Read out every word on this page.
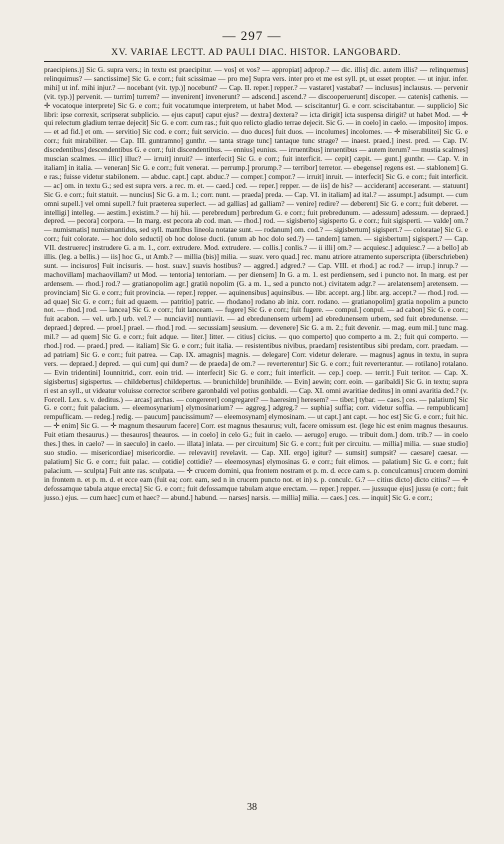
— 297 —
XV. VARIAE LECTT. AD PAULI DIAC. HISTOR. LANGOBARD.

praecipiens.)] Sic G. supra vers.; in textu est praecipitur. — vos] et vos? — appropiat] adprop.? — dic. illis] dic. autem illis? — relinquemus] relinquimus? — sanctissime] Sic G. e corr.; fuit scissimae — pro me] Supra vers. inter pro et me est syll. pt, ut esset propter. — ut injur. infer. mihi] ut inf. mihi injur.? — nocebant (vit. typ.)] nocebunt? — Cap. II. reper.] repper.? — vastaret] vastabat? — inclusus] inclausus. — pervenir (vit. typ.)] pervenit. — turrim] turrem? — invenirent] invenerunt? — adscend.] ascend.? — discooperuerunt] discoper. — catenis] cathenis. — ✛ vocatoque interprete] Sic G. e corr.; fuit vocatumque interpretem, ut habet Mod. — sciscitantur] G. e corr. sciscitabantur. — supplicio] Sic libri: ipse correxit, scripserat subplicio. — ejus caput] caput ejus? — dextra] dextera? — icta dirigit] icta suspensa dirigit? ut habet Mod. — ✛ qui relectum gladium terrae dejecit] Sic G. e corr. cum ras.; fuit quo relicto gladio terrae dejecit. Sic G. — in coelo] in caelo. — imposito] impos. — et ad fid.] et om. — servitio] Sic cod. e corr.; fuit servicio. — duo duces] fuit duos. — incolumes] incolomes. — ✛ miserabilitei] Sic G. e corr.; fuit mirabiliter. — Cap. III. guntramno] gunthr. — tanta strage tunc] tantaque tunc strage? — inaest. praed.] inest. pred. — Cap. IV. discedentibus] descendentibus G. e corr.; fuit discendentibus. — ennius] eunius. — irruentibus] inruentibus — autem iterum? — mustia scalmes] muscian scalmes. — illic] illuc? — irruit] inruit? — interfecit] Sic G. e corr.; fuit interficit. — cepit] cæpit. — gunt.] gunthr. — Cap. V. in italiam] in italia. — veneran] Sic G. e corr.; fuit venerat. — perrump.] prorump.? — terribor] terretor. — ebegense] regens est. — stablonem] G. e ras.; fuisse videtur stabilonem. — abduc. capt.] capt. abduc.? — comper.] compor.? — irruit] inruit. — interfecit] Sic G. e corr.; fuit interficit. — ac] om. in textu G.; sed est supra vers. a rec. m. et. — caed.] ced. — reper.] repper. — de iis] de his? — acciderant] acceserant. — statuunt] Sic G. e corr.; fuit statuit. — nuncius] Sic G. a m. 1.; corr. nunt. — praeda] preda. — Cap. VI. in italiam] ad ital.? — assumpt.] adsumpt. — cum omni supell.] vel omni supell.? fuit praeterea superlect. — ad gallias] ad galliam? — venire] redire? — deberent] Sic G. e corr.; fuit deberet. — intelligi] intelleg. — aestim.] existim.? — hij hii. — perebredum] perbredum G. e corr.; fuit prebredunum. — adessum] adessum. — depraed.] depred. — pecora] corpora. — In marg. est pecora ab cod. man. — rhod.] rod. — sigisberto] sigisperto G. e corr.; fuit sigisperti. — valde] om.? — numismatis] numismantidus, sed syll. mantibus lineola notatae sunt. — rodanum] om. cod.? — sigisbertum] sigispert.? — coloratae] Sic G. e corr.; fuit colorate. — hoc dolo seducti] ob hoc dolose ducti. (unum ab hoc dolo sed.?) — tandem] tamen. — sigisbertum] sigispert.? — Cap. VII. destruerec] instrudere G. a m. 1., corr. extrudere. Mod. extrudere. — collis.] conlis.? — ii illi] om.? — acquiesc.] adquiesc.? — a bello] ab illis. (leg. a bellis.) — iis] hoc G., ut Amb.? — millia (bis)] milia. — suav. vero quad.] rec. manu atriore atramento superscripta (überschrieben) sunt. — incisuros] Fuit incisuris. — host. suav.] suavis hostibus? — aggred.] adgred.? — Cap. VIII. et rhod.] ac rod.? — irrup.] inrup.? — machovillam] machaovillam? ut Mod. — tentoria] tentoriam. — per diensem] In G. a m. 1. est perdiensem, sed i puncto not. In marg. est per ardensem. — rhod.] rod.? — gratianopolim agr.] gratiü nopolim (G. a m. 1., sed a puncto not.) civitatem adgr.? — arelatensem] aretensem. — provinciam] Sic G. e corr.; fuit provincia. — reper.] repper. — aquinensibus] aquinsibus. — libr. accept. arg.] libr. arg. accept.? — rhod.] rod. — ad quae] Sic G. e corr.; fuit ad quaem. — patritio] patric. — rhodano] rodano ab iniz. corr. rodano. — gratianopolim] gratia nopolim a puncto not. — rhod.] rod. — lancea] Sic G. e corr.; fuit lanceam. — fugere] Sic G. e corr.; fuit fugere. — compul.] conpul. — ad cabon] Sic G. e corr.; fuit acabon. — vel. urb.] urb. vel.? — nunciavit] nuntiavit. — ad ebredunensem urbem] ad ebredunensem urbem, sed fuit ebredunense. — depraed.] depred. — proel.] prael. — rhod.] rod. — secussiam] seusium. — devenere] Sic G. a m. 2.; fuit devenir. — mag. eum mil.] tunc mag. mil.? — ad quem] Sic G. e corr.; fuit adque. — liter.] litter. — citius] cicius. — quo comperto] quo comperto a m. 2.; fuit qui comperto. — rhod.] rod. — praed.] pred. — italiam] Sic G. e corr.; fuit italia. — resistentibus nivibus, praedam] resistentibus sibi predam, corr. praedam. — ad patriam] Sic G. e corr.; fuit patrea. — Cap. IX. amagnis] magnis. — delegare] Corr. videtur delerare. — magnus] agnus in textu, in supra vers. — depraed.] depred. — qui cum] qui dum? — de praeda] de om.? — reverterentur] Sic G. e corr.; fuit reverterantur. — rotilano] rotalano. — Evin tridentini] Iounnitrid., corr. eoin trid. — interfecit] Sic G. e corr.; fuit interficit. — cep.] coep. — territ.] Fuit teritor. — Cap. X. sigisbertus] sigispertus. — childebertus] childepertus. — brunichilde] brunihilde. — Evin] aewin; corr. eoin. — garibaldi] Sic G. in textu; supra ri est an syll., ut videatur voluisse corrector scribere garonbaldi vel potius gonbaldi. — Cap. XI. omni avaritiae deditus] in omni avaritia ded.? (v. Forcell. Lex. s. v. deditus.) — arcas] archas. — congereret] congregaret? — haeresim] heresem? — tiber.] tybar. — caes.] ces. — palatium] Sic G. e corr.; fuit palacium. — eleemosynarium] elymosinarium? — aggreg.] adgreg.? — suphia] suffia; corr. videtur soffia. — rempublicam] rempuflicam. — redeg.] redig. — paucum] paucissimum? — eleemosynam] elymosinam. — ut capt.] ant capt. — hoc est] Sic G. e corr.; fuit hic. — ✛ enim] Sic G. — ✛ magnum thesaurum facere] Corr. est magnus thesaurus; vult, facere omissum est. (lege hic est enim magnus thesaurus. Fuit etiam thesaurus.) — thesauros] theauros. — in coelo] in celo G.; fuit in caelo. — aerugo] erugo. — tribuit dom.] dom. trib.? — in coelo thes.] thes. in caelo? — in saeculo] in caelo. — illata] inlata. — per circuitum] Sic G. e corr.; fuit per circuitu. — millia] milia. — suae studio] suo studio. — misericordiae] misericordie. — relevavit] revelavit. — Cap. XII. ergo] igitur? — sumsit] sumpsit? — caesare] caesar. — palatium] Sic G. e corr.; fuit palac. — cotidie] cottidie? — eleemosynas] elymosinas G. e corr.; fuit elimos. — palatium] Sic G. e corr.; fuit palacium. — sculpta] Fuit ante ras. sculpata. — ✛ crucem domini, qua frontem nostram et p. m. d. ecce cam s. p. conculcamus] crucem domini in frontem n. et p. m. d. et ecce eam (fuit ea; corr. eam, sed n in crucem puncto not. et in) s. p. conculc. G.? — citius dicto] dicto citius? — ✛ defossamque tabula atque erecta] Sic G. e corr.; fuit defossamque tabulam atque erectam. — reper.] repper. — jussuque ejus] jussu (e corr.; fuit jusso.) ejus. — cum haec] cum et haec? — abund.] habund. — narses] narsis. — millia] milia. — caes.] ces. — inquit] Sic G. e corr.;

38
